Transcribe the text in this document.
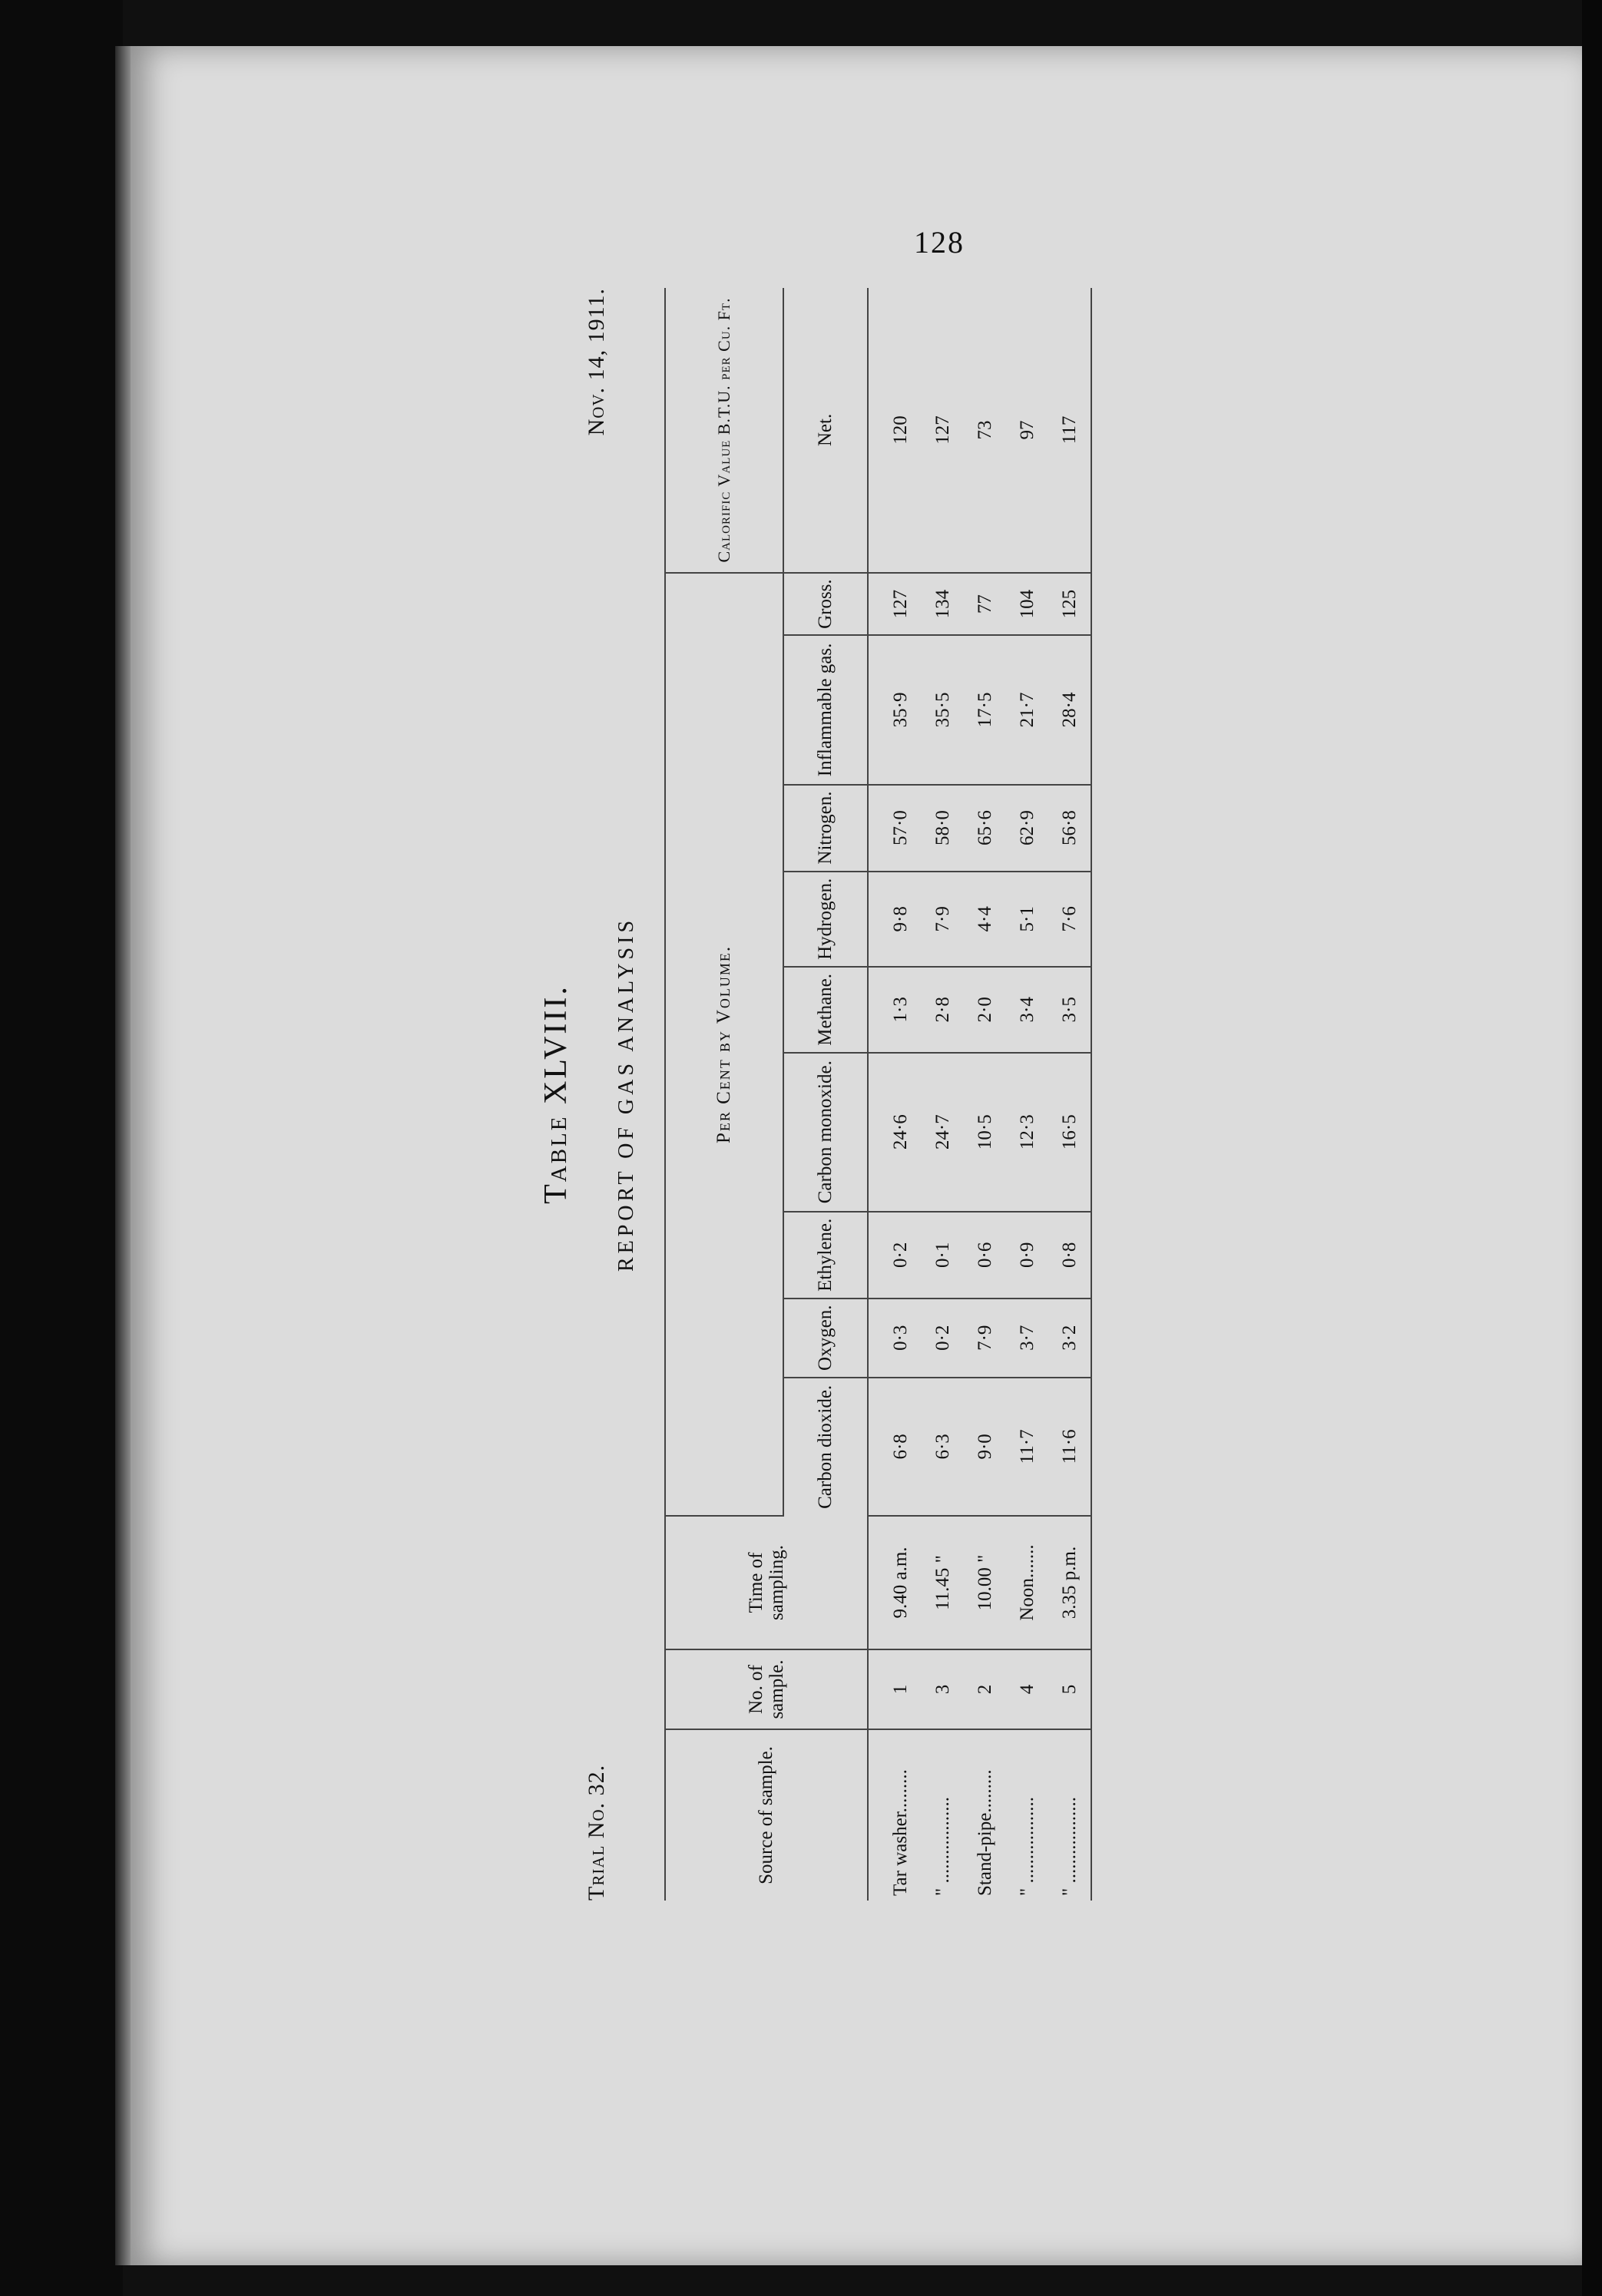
128
Table XLVIII.
Trial No. 32.
REPORT OF GAS ANALYSIS
Nov. 14, 1911.
Source of sample.	No. of sample.	Time of sampling.	Per Cent by Volume.									Calorific Value B.T.U. per Cu. Ft.
			Carbon dioxide.	Oxygen.	Ethylene.	Carbon monoxide.	Methane.	Hydrogen.	Nitrogen.	Inflammable gas.	Gross.	Net.
Tar washer.........	1	9.40 a.m.	6·8	0·3	0·2	24·6	1·3	9·8	57·0	35·9	127	120
" ..................	3	11.45 "	6·3	0·2	0·1	24·7	2·8	7·9	58·0	35·5	134	127
Stand-pipe.........	2	10.00 "	9·0	7·9	0·6	10·5	2·0	4·4	65·6	17·5	77	73
" ..................	4	Noon.......	11·7	3·7	0·9	12·3	3·4	5·1	62·9	21·7	104	97
" ..................	5	3.35 p.m.	11·6	3·2	0·8	16·5	3·5	7·6	56·8	28·4	125	117
